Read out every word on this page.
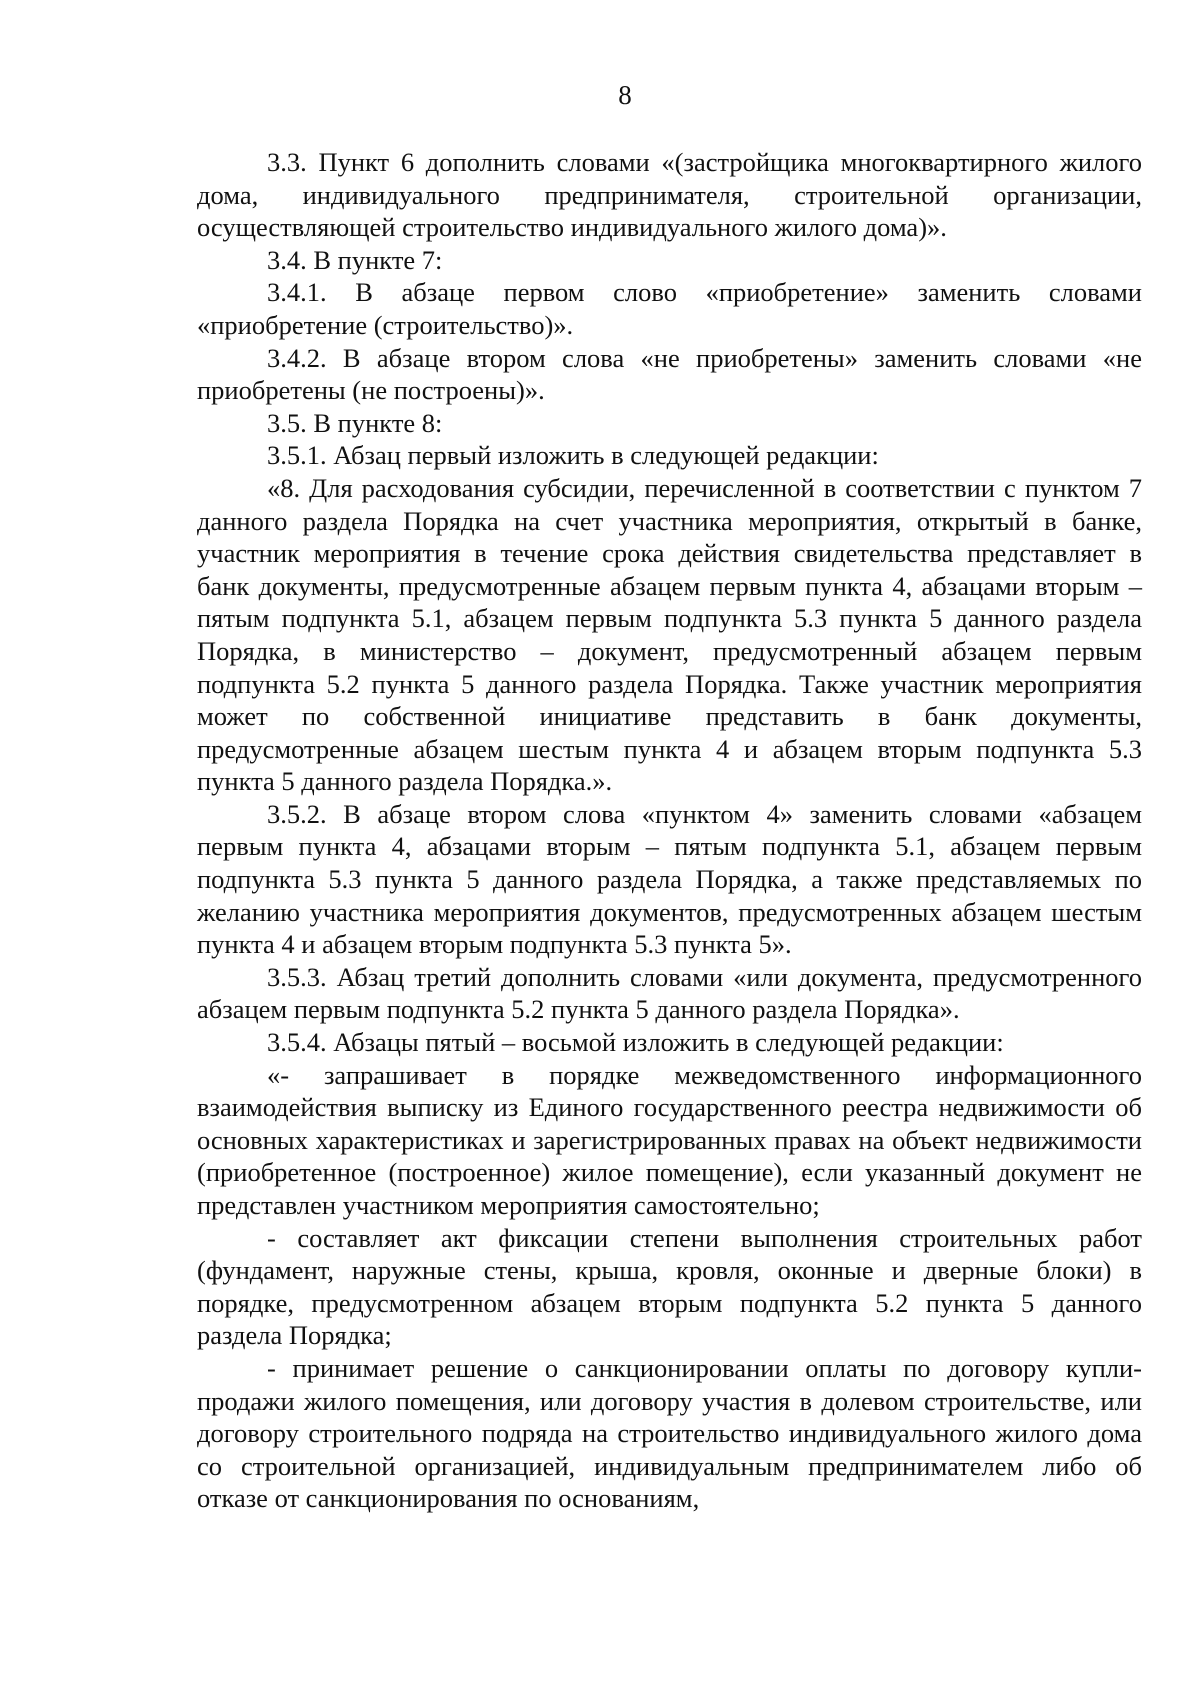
8

3.3. Пункт 6 дополнить словами «(застройщика многоквартирного жилого дома, индивидуального предпринимателя, строительной организации, осуществляющей строительство индивидуального жилого дома)».

3.4. В пункте 7:

3.4.1. В абзаце первом слово «приобретение» заменить словами «приобретение (строительство)».

3.4.2. В абзаце втором слова «не приобретены» заменить словами «не приобретены (не построены)».

3.5. В пункте 8:

3.5.1. Абзац первый изложить в следующей редакции:

«8. Для расходования субсидии, перечисленной в соответствии с пунктом 7 данного раздела Порядка на счет участника мероприятия, открытый в банке, участник мероприятия в течение срока действия свидетельства представляет в банк документы, предусмотренные абзацем первым пункта 4, абзацами вторым – пятым подпункта 5.1, абзацем первым подпункта 5.3 пункта 5 данного раздела Порядка, в министерство – документ, предусмотренный абзацем первым подпункта 5.2 пункта 5 данного раздела Порядка. Также участник мероприятия может по собственной инициативе представить в банк документы, предусмотренные абзацем шестым пункта 4 и абзацем вторым подпункта 5.3 пункта 5 данного раздела Порядка.».

3.5.2. В абзаце втором слова «пунктом 4» заменить словами «абзацем первым пункта 4, абзацами вторым – пятым подпункта 5.1, абзацем первым подпункта 5.3 пункта 5 данного раздела Порядка, а также представляемых по желанию участника мероприятия документов, предусмотренных абзацем шестым пункта 4 и абзацем вторым подпункта 5.3 пункта 5».

3.5.3. Абзац третий дополнить словами «или документа, предусмотренного абзацем первым подпункта 5.2 пункта 5 данного раздела Порядка».

3.5.4. Абзацы пятый – восьмой изложить в следующей редакции:

«- запрашивает в порядке межведомственного информационного взаимодействия выписку из Единого государственного реестра недвижимости об основных характеристиках и зарегистрированных правах на объект недвижимости (приобретенное (построенное) жилое помещение), если указанный документ не представлен участником мероприятия самостоятельно;

- составляет акт фиксации степени выполнения строительных работ (фундамент, наружные стены, крыша, кровля, оконные и дверные блоки) в порядке, предусмотренном абзацем вторым подпункта 5.2 пункта 5 данного раздела Порядка;

- принимает решение о санкционировании оплаты по договору купли-продажи жилого помещения, или договору участия в долевом строительстве, или договору строительного подряда на строительство индивидуального жилого дома со строительной организацией, индивидуальным предпринимателем либо об отказе от санкционирования по основаниям,
